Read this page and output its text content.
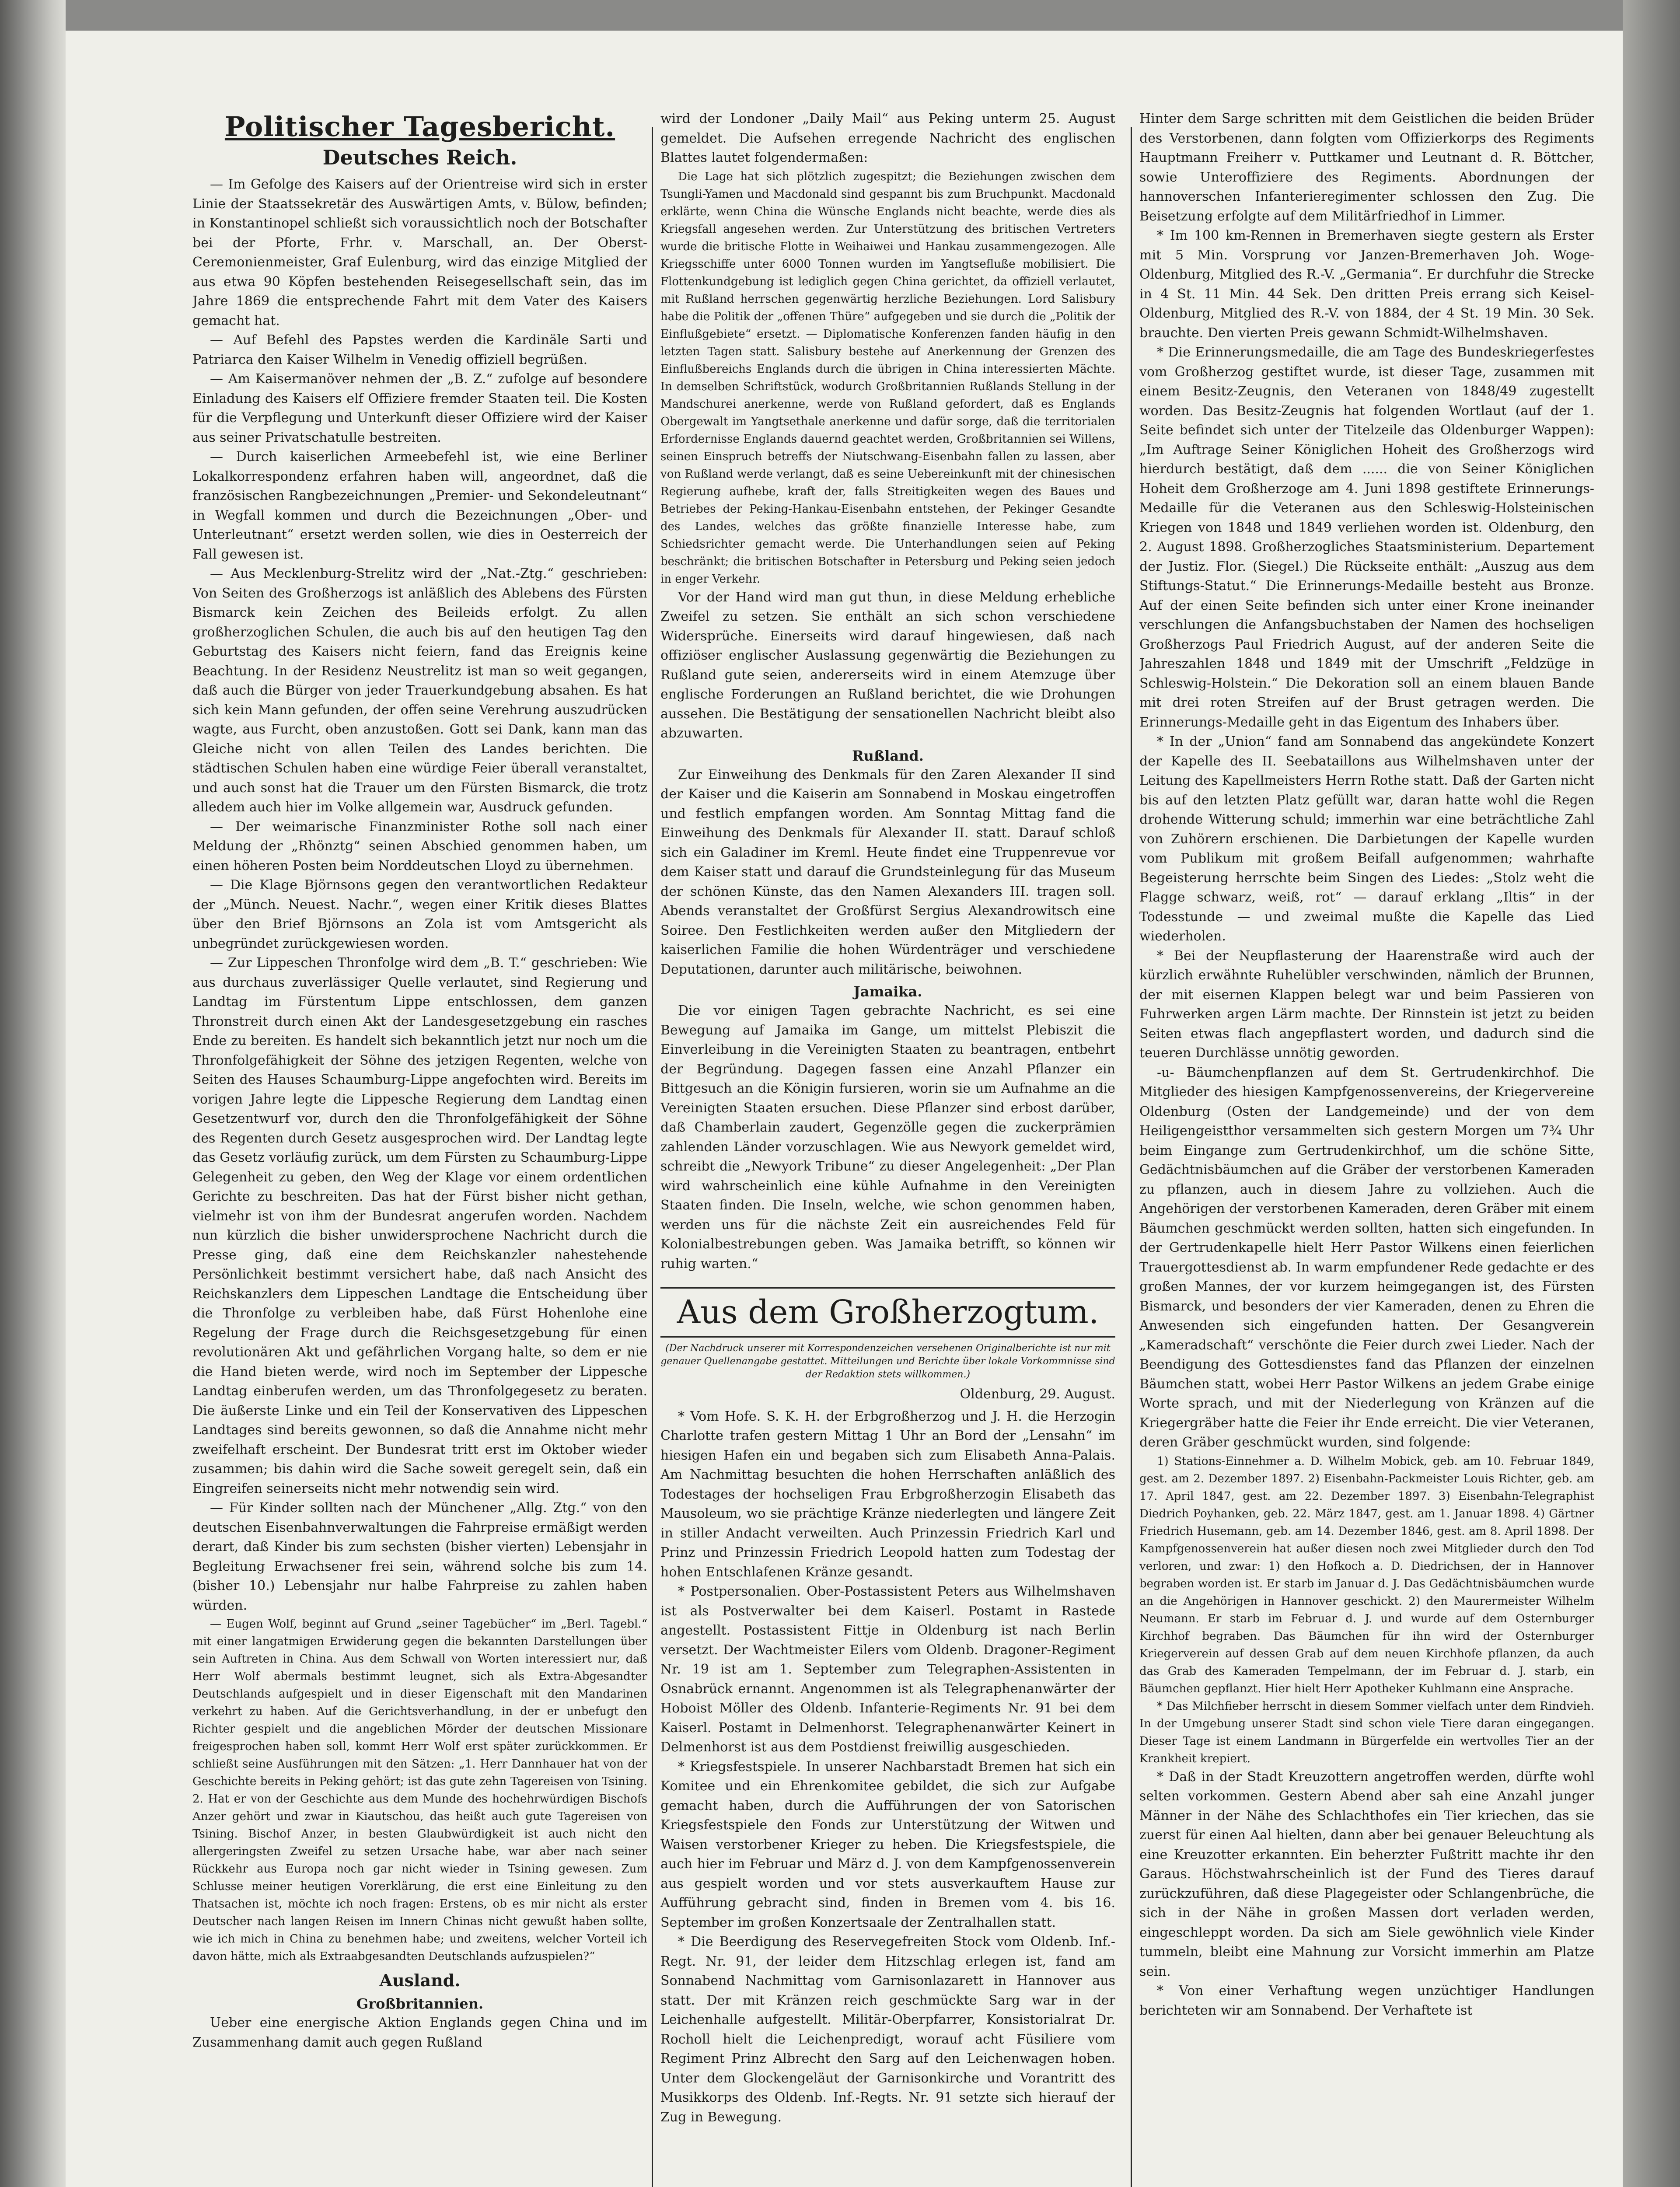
Politischer Tagesbericht.
Deutsches Reich.

— Im Gefolge des Kaisers auf der Orientreise wird sich in erster Linie der Staatssekretär des Auswärtigen Amts, v. Bülow, befinden; in Konstantinopel schließt sich voraussichtlich noch der Botschafter bei der Pforte, Frhr. v. Marschall, an. Der Oberst-Ceremonienmeister, Graf Eulenburg, wird das einzige Mitglied der aus etwa 90 Köpfen bestehenden Reisegesellschaft sein, das im Jahre 1869 die entsprechende Fahrt mit dem Vater des Kaisers gemacht hat.

— Auf Befehl des Papstes werden die Kardinäle Sarti und Patriarca den Kaiser Wilhelm in Venedig offiziell begrüßen.

— Am Kaisermanöver nehmen der „B. Z.“ zufolge auf besondere Einladung des Kaisers elf Offiziere fremder Staaten teil. Die Kosten für die Verpflegung und Unterkunft dieser Offiziere wird der Kaiser aus seiner Privatschatulle bestreiten.

— Durch kaiserlichen Armeebefehl ist, wie eine Berliner Lokalkorrespondenz erfahren haben will, angeordnet, daß die französischen Rangbezeichnungen „Premier- und Sekondeleutnant“ in Wegfall kommen und durch die Bezeichnungen „Ober- und Unterleutnant“ ersetzt werden sollen, wie dies in Oesterreich der Fall gewesen ist.

— Aus Mecklenburg-Strelitz wird der „Nat.-Ztg.“ geschrieben: Von Seiten des Großherzogs ist anläßlich des Ablebens des Fürsten Bismarck kein Zeichen des Beileids erfolgt. Zu allen großherzoglichen Schulen, die auch bis auf den heutigen Tag den Geburtstag des Kaisers nicht feiern, fand das Ereignis keine Beachtung. In der Residenz Neustrelitz ist man so weit gegangen, daß auch die Bürger von jeder Trauerkundgebung absahen. Es hat sich kein Mann gefunden, der offen seine Verehrung auszudrücken wagte, aus Furcht, oben anzustoßen. Gott sei Dank, kann man das Gleiche nicht von allen Teilen des Landes berichten. Die städtischen Schulen haben eine würdige Feier überall veranstaltet, und auch sonst hat die Trauer um den Fürsten Bismarck, die trotz alledem auch hier im Volke allgemein war, Ausdruck gefunden.

— Der weimarische Finanzminister Rothe soll nach einer Meldung der „Rhönztg“ seinen Abschied genommen haben, um einen höheren Posten beim Norddeutschen Lloyd zu übernehmen.

— Die Klage Björnsons gegen den verantwortlichen Redakteur der „Münch. Neuest. Nachr.“, wegen einer Kritik dieses Blattes über den Brief Björnsons an Zola ist vom Amtsgericht als unbegründet zurückgewiesen worden.

— Zur Lippeschen Thronfolge wird dem „B. T.“ geschrieben: Wie aus durchaus zuverlässiger Quelle verlautet, sind Regierung und Landtag im Fürstentum Lippe entschlossen, dem ganzen Thronstreit durch einen Akt der Landesgesetzgebung ein rasches Ende zu bereiten. Es handelt sich bekanntlich jetzt nur noch um die Thronfolgefähigkeit der Söhne des jetzigen Regenten, welche von Seiten des Hauses Schaumburg-Lippe angefochten wird. Bereits im vorigen Jahre legte die Lippesche Regierung dem Landtag einen Gesetzentwurf vor, durch den die Thronfolgefähigkeit der Söhne des Regenten durch Gesetz ausgesprochen wird. Der Landtag legte das Gesetz vorläufig zurück, um dem Fürsten zu Schaumburg-Lippe Gelegenheit zu geben, den Weg der Klage vor einem ordentlichen Gerichte zu beschreiten. Das hat der Fürst bisher nicht gethan, vielmehr ist von ihm der Bundesrat angerufen worden. Nachdem nun kürzlich die bisher unwidersprochene Nachricht durch die Presse ging, daß eine dem Reichskanzler nahestehende Persönlichkeit bestimmt versichert habe, daß nach Ansicht des Reichskanzlers dem Lippeschen Landtage die Entscheidung über die Thronfolge zu verbleiben habe, daß Fürst Hohenlohe eine Regelung der Frage durch die Reichsgesetzgebung für einen revolutionären Akt und gefährlichen Vorgang halte, so dem er nie die Hand bieten werde, wird noch im September der Lippesche Landtag einberufen werden, um das Thronfolgegesetz zu beraten. Die äußerste Linke und ein Teil der Konservativen des Lippeschen Landtages sind bereits gewonnen, so daß die Annahme nicht mehr zweifelhaft erscheint. Der Bundesrat tritt erst im Oktober wieder zusammen; bis dahin wird die Sache soweit geregelt sein, daß ein Eingreifen seinerseits nicht mehr notwendig sein wird.

— Für Kinder sollten nach der Münchener „Allg. Ztg.“ von den deutschen Eisenbahnverwaltungen die Fahrpreise ermäßigt werden derart, daß Kinder bis zum sechsten (bisher vierten) Lebensjahr in Begleitung Erwachsener frei sein, während solche bis zum 14. (bisher 10.) Lebensjahr nur halbe Fahrpreise zu zahlen haben würden.

— Eugen Wolf, beginnt auf Grund „seiner Tagebücher“ im „Berl. Tagebl.“ mit einer langatmigen Erwiderung gegen die bekannten Darstellungen über sein Auftreten in China. Aus dem Schwall von Worten interessiert nur, daß Herr Wolf abermals bestimmt leugnet, sich als Extra-Abgesandter Deutschlands aufgespielt und in dieser Eigenschaft mit den Mandarinen verkehrt zu haben. Auf die Gerichtsverhandlung, in der er unbefugt den Richter gespielt und die angeblichen Mörder der deutschen Missionare freigesprochen haben soll, kommt Herr Wolf erst später zurückkommen. Er schließt seine Ausführungen mit den Sätzen: „1. Herr Dannhauer hat von der Geschichte bereits in Peking gehört; ist das gute zehn Tagereisen von Tsining. 2. Hat er von der Geschichte aus dem Munde des hochehrwürdigen Bischofs Anzer gehört und zwar in Kiautschou, das heißt auch gute Tagereisen von Tsining. Bischof Anzer, in besten Glaubwürdigkeit ist auch nicht den allergeringsten Zweifel zu setzen Ursache habe, war aber nach seiner Rückkehr aus Europa noch gar nicht wieder in Tsining gewesen. Zum Schlusse meiner heutigen Vorerklärung, die erst eine Einleitung zu den Thatsachen ist, möchte ich noch fragen: Erstens, ob es mir nicht als erster Deutscher nach langen Reisen im Innern Chinas nicht gewußt haben sollte, wie ich mich in China zu benehmen habe; und zweitens, welcher Vorteil ich davon hätte, mich als Extraabgesandten Deutschlands aufzuspielen?“

Ausland.
Großbritannien.

Ueber eine energische Aktion Englands gegen China und im Zusammenhang damit auch gegen Rußland

wird der Londoner „Daily Mail“ aus Peking unterm 25. August gemeldet. Die Aufsehen erregende Nachricht des englischen Blattes lautet folgendermaßen:

Die Lage hat sich plötzlich zugespitzt; die Beziehungen zwischen dem Tsungli-Yamen und Macdonald sind gespannt bis zum Bruchpunkt. Macdonald erklärte, wenn China die Wünsche Englands nicht beachte, werde dies als Kriegsfall angesehen werden. Zur Unterstützung des britischen Vertreters wurde die britische Flotte in Weihaiwei und Hankau zusammengezogen. Alle Kriegsschiffe unter 6000 Tonnen wurden im Yangtsefluße mobilisiert. Die Flottenkundgebung ist lediglich gegen China gerichtet, da offiziell verlautet, mit Rußland herrschen gegenwärtig herzliche Beziehungen. Lord Salisbury habe die Politik der „offenen Thüre“ aufgegeben und sie durch die „Politik der Einflußgebiete“ ersetzt. — Diplomatische Konferenzen fanden häufig in den letzten Tagen statt. Salisbury bestehe auf Anerkennung der Grenzen des Einflußbereichs Englands durch die übrigen in China interessierten Mächte. In demselben Schriftstück, wodurch Großbritannien Rußlands Stellung in der Mandschurei anerkenne, werde von Rußland gefordert, daß es Englands Obergewalt im Yangtsethale anerkenne und dafür sorge, daß die territorialen Erfordernisse Englands dauernd geachtet werden, Großbritannien sei Willens, seinen Einspruch betreffs der Niutschwang-Eisenbahn fallen zu lassen, aber von Rußland werde verlangt, daß es seine Uebereinkunft mit der chinesischen Regierung aufhebe, kraft der, falls Streitigkeiten wegen des Baues und Betriebes der Peking-Hankau-Eisenbahn entstehen, der Pekinger Gesandte des Landes, welches das größte finanzielle Interesse habe, zum Schiedsrichter gemacht werde. Die Unterhandlungen seien auf Peking beschränkt; die britischen Botschafter in Petersburg und Peking seien jedoch in enger Verkehr.

Vor der Hand wird man gut thun, in diese Meldung erhebliche Zweifel zu setzen. Sie enthält an sich schon verschiedene Widersprüche. Einerseits wird darauf hingewiesen, daß nach offiziöser englischer Auslassung gegenwärtig die Beziehungen zu Rußland gute seien, andererseits wird in einem Atemzuge über englische Forderungen an Rußland berichtet, die wie Drohungen aussehen. Die Bestätigung der sensationellen Nachricht bleibt also abzuwarten.

Rußland.

Zur Einweihung des Denkmals für den Zaren Alexander II sind der Kaiser und die Kaiserin am Sonnabend in Moskau eingetroffen und festlich empfangen worden. Am Sonntag Mittag fand die Einweihung des Denkmals für Alexander II. statt. Darauf schloß sich ein Galadiner im Kreml. Heute findet eine Truppenrevue vor dem Kaiser statt und darauf die Grundsteinlegung für das Museum der schönen Künste, das den Namen Alexanders III. tragen soll. Abends veranstaltet der Großfürst Sergius Alexandrowitsch eine Soiree. Den Festlichkeiten werden außer den Mitgliedern der kaiserlichen Familie die hohen Würdenträger und verschiedene Deputationen, darunter auch militärische, beiwohnen.

Jamaika.

Die vor einigen Tagen gebrachte Nachricht, es sei eine Bewegung auf Jamaika im Gange, um mittelst Plebiszit die Einverleibung in die Vereinigten Staaten zu beantragen, entbehrt der Begründung. Dagegen fassen eine Anzahl Pflanzer ein Bittgesuch an die Königin fursieren, worin sie um Aufnahme an die Vereinigten Staaten ersuchen. Diese Pflanzer sind erbost darüber, daß Chamberlain zaudert, Gegenzölle gegen die zuckerprämien zahlenden Länder vorzuschlagen. Wie aus Newyork gemeldet wird, schreibt die „Newyork Tribune“ zu dieser Angelegenheit: „Der Plan wird wahrscheinlich eine kühle Aufnahme in den Vereinigten Staaten finden. Die Inseln, welche, wie schon genommen haben, werden uns für die nächste Zeit ein ausreichendes Feld für Kolonialbestrebungen geben. Was Jamaika betrifft, so können wir ruhig warten.“

Aus dem Großherzogtum.

(Der Nachdruck unserer mit Korrespondenzeichen versehenen Originalberichte ist nur mit genauer Quellenangabe gestattet. Mitteilungen und Berichte über lokale Vorkommnisse sind der Redaktion stets willkommen.)

Oldenburg, 29. August.

* Vom Hofe. S. K. H. der Erbgroßherzog und J. H. die Herzogin Charlotte trafen gestern Mittag 1 Uhr an Bord der „Lensahn“ im hiesigen Hafen ein und begaben sich zum Elisabeth Anna-Palais. Am Nachmittag besuchten die hohen Herrschaften anläßlich des Todestages der hochseligen Frau Erbgroßherzogin Elisabeth das Mausoleum, wo sie prächtige Kränze niederlegten und längere Zeit in stiller Andacht verweilten. Auch Prinzessin Friedrich Karl und Prinz und Prinzessin Friedrich Leopold hatten zum Todestag der hohen Entschlafenen Kränze gesandt.

* Postpersonalien. Ober-Postassistent Peters aus Wilhelmshaven ist als Postverwalter bei dem Kaiserl. Postamt in Rastede angestellt. Postassistent Fittje in Oldenburg ist nach Berlin versetzt. Der Wachtmeister Eilers vom Oldenb. Dragoner-Regiment Nr. 19 ist am 1. September zum Telegraphen-Assistenten in Osnabrück ernannt. Angenommen ist als Telegraphenanwärter der Hoboist Möller des Oldenb. Infanterie-Regiments Nr. 91 bei dem Kaiserl. Postamt in Delmenhorst. Telegraphenanwärter Keinert in Delmenhorst ist aus dem Postdienst freiwillig ausgeschieden.

* Kriegsfestspiele. In unserer Nachbarstadt Bremen hat sich ein Komitee und ein Ehrenkomitee gebildet, die sich zur Aufgabe gemacht haben, durch die Aufführungen der von Satorischen Kriegsfestspiele den Fonds zur Unterstützung der Witwen und Waisen verstorbener Krieger zu heben. Die Kriegsfestspiele, die auch hier im Februar und März d. J. von dem Kampfgenossenverein aus gespielt worden und vor stets ausverkauftem Hause zur Aufführung gebracht sind, finden in Bremen vom 4. bis 16. September im großen Konzertsaale der Zentralhallen statt.

* Die Beerdigung des Reservegefreiten Stock vom Oldenb. Inf.-Regt. Nr. 91, der leider dem Hitzschlag erlegen ist, fand am Sonnabend Nachmittag vom Garnisonlazarett in Hannover aus statt. Der mit Kränzen reich geschmückte Sarg war in der Leichenhalle aufgestellt. Militär-Oberpfarrer, Konsistorialrat Dr. Rocholl hielt die Leichenpredigt, worauf acht Füsiliere vom Regiment Prinz Albrecht den Sarg auf den Leichenwagen hoben. Unter dem Glockengeläut der Garnisonkirche und Vorantritt des Musikkorps des Oldenb. Inf.-Regts. Nr. 91 setzte sich hierauf der Zug in Bewegung.

Hinter dem Sarge schritten mit dem Geistlichen die beiden Brüder des Verstorbenen, dann folgten vom Offizierkorps des Regiments Hauptmann Freiherr v. Puttkamer und Leutnant d. R. Böttcher, sowie Unteroffiziere des Regiments. Abordnungen der hannoverschen Infanterieregimenter schlossen den Zug. Die Beisetzung erfolgte auf dem Militärfriedhof in Limmer.

* Im 100 km-Rennen in Bremerhaven siegte gestern als Erster mit 5 Min. Vorsprung vor Janzen-Bremerhaven Joh. Woge-Oldenburg, Mitglied des R.-V. „Germania“. Er durchfuhr die Strecke in 4 St. 11 Min. 44 Sek. Den dritten Preis errang sich Keisel-Oldenburg, Mitglied des R.-V. von 1884, der 4 St. 19 Min. 30 Sek. brauchte. Den vierten Preis gewann Schmidt-Wilhelmshaven.

* Die Erinnerungsmedaille, die am Tage des Bundeskriegerfestes vom Großherzog gestiftet wurde, ist dieser Tage, zusammen mit einem Besitz-Zeugnis, den Veteranen von 1848/49 zugestellt worden. Das Besitz-Zeugnis hat folgenden Wortlaut (auf der 1. Seite befindet sich unter der Titelzeile das Oldenburger Wappen): „Im Auftrage Seiner Königlichen Hoheit des Großherzogs wird hierdurch bestätigt, daß dem ...... die von Seiner Königlichen Hoheit dem Großherzoge am 4. Juni 1898 gestiftete Erinnerungs-Medaille für die Veteranen aus den Schleswig-Holsteinischen Kriegen von 1848 und 1849 verliehen worden ist. Oldenburg, den 2. August 1898. Großherzogliches Staatsministerium. Departement der Justiz. Flor. (Siegel.) Die Rückseite enthält: „Auszug aus dem Stiftungs-Statut.“ Die Erinnerungs-Medaille besteht aus Bronze. Auf der einen Seite befinden sich unter einer Krone ineinander verschlungen die Anfangsbuchstaben der Namen des hochseligen Großherzogs Paul Friedrich August, auf der anderen Seite die Jahreszahlen 1848 und 1849 mit der Umschrift „Feldzüge in Schleswig-Holstein.“ Die Dekoration soll an einem blauen Bande mit drei roten Streifen auf der Brust getragen werden. Die Erinnerungs-Medaille geht in das Eigentum des Inhabers über.

* In der „Union“ fand am Sonnabend das angekündete Konzert der Kapelle des II. Seebataillons aus Wilhelmshaven unter der Leitung des Kapellmeisters Herrn Rothe statt. Daß der Garten nicht bis auf den letzten Platz gefüllt war, daran hatte wohl die Regen drohende Witterung schuld; immerhin war eine beträchtliche Zahl von Zuhörern erschienen. Die Darbietungen der Kapelle wurden vom Publikum mit großem Beifall aufgenommen; wahrhafte Begeisterung herrschte beim Singen des Liedes: „Stolz weht die Flagge schwarz, weiß, rot“ — darauf erklang „Iltis“ in der Todesstunde — und zweimal mußte die Kapelle das Lied wiederholen.

* Bei der Neupflasterung der Haarenstraße wird auch der kürzlich erwähnte Ruhelübler verschwinden, nämlich der Brunnen, der mit eisernen Klappen belegt war und beim Passieren von Fuhrwerken argen Lärm machte. Der Rinnstein ist jetzt zu beiden Seiten etwas flach angepflastert worden, und dadurch sind die teueren Durchlässe unnötig geworden.

-u- Bäumchenpflanzen auf dem St. Gertrudenkirchhof. Die Mitglieder des hiesigen Kampfgenossenvereins, der Kriegervereine Oldenburg (Osten der Landgemeinde) und der von dem Heiligengeistthor versammelten sich gestern Morgen um 7¾ Uhr beim Eingange zum Gertrudenkirchhof, um die schöne Sitte, Gedächtnisbäumchen auf die Gräber der verstorbenen Kameraden zu pflanzen, auch in diesem Jahre zu vollziehen. Auch die Angehörigen der verstorbenen Kameraden, deren Gräber mit einem Bäumchen geschmückt werden sollten, hatten sich eingefunden. In der Gertrudenkapelle hielt Herr Pastor Wilkens einen feierlichen Trauergottesdienst ab. In warm empfundener Rede gedachte er des großen Mannes, der vor kurzem heimgegangen ist, des Fürsten Bismarck, und besonders der vier Kameraden, denen zu Ehren die Anwesenden sich eingefunden hatten. Der Gesangverein „Kameradschaft“ verschönte die Feier durch zwei Lieder. Nach der Beendigung des Gottesdienstes fand das Pflanzen der einzelnen Bäumchen statt, wobei Herr Pastor Wilkens an jedem Grabe einige Worte sprach, und mit der Niederlegung von Kränzen auf die Kriegergräber hatte die Feier ihr Ende erreicht. Die vier Veteranen, deren Gräber geschmückt wurden, sind folgende:

1) Stations-Einnehmer a. D. Wilhelm Mobick, geb. am 10. Februar 1849, gest. am 2. Dezember 1897. 2) Eisenbahn-Packmeister Louis Richter, geb. am 17. April 1847, gest. am 22. Dezember 1897. 3) Eisenbahn-Telegraphist Diedrich Poyhanken, geb. 22. März 1847, gest. am 1. Januar 1898. 4) Gärtner Friedrich Husemann, geb. am 14. Dezember 1846, gest. am 8. April 1898. Der Kampfgenossenverein hat außer diesen noch zwei Mitglieder durch den Tod verloren, und zwar: 1) den Hofkoch a. D. Diedrichsen, der in Hannover begraben worden ist. Er starb im Januar d. J. Das Gedächtnisbäumchen wurde an die Angehörigen in Hannover geschickt. 2) den Maurermeister Wilhelm Neumann. Er starb im Februar d. J. und wurde auf dem Osternburger Kirchhof begraben. Das Bäumchen für ihn wird der Osternburger Kriegerverein auf dessen Grab auf dem neuen Kirchhofe pflanzen, da auch das Grab des Kameraden Tempelmann, der im Februar d. J. starb, ein Bäumchen gepflanzt. Hier hielt Herr Apotheker Kuhlmann eine Ansprache.

* Das Milchfieber herrscht in diesem Sommer vielfach unter dem Rindvieh. In der Umgebung unserer Stadt sind schon viele Tiere daran eingegangen. Dieser Tage ist einem Landmann in Bürgerfelde ein wertvolles Tier an der Krankheit krepiert.

* Daß in der Stadt Kreuzottern angetroffen werden, dürfte wohl selten vorkommen. Gestern Abend aber sah eine Anzahl junger Männer in der Nähe des Schlachthofes ein Tier kriechen, das sie zuerst für einen Aal hielten, dann aber bei genauer Beleuchtung als eine Kreuzotter erkannten. Ein beherzter Fußtritt machte ihr den Garaus. Höchstwahrscheinlich ist der Fund des Tieres darauf zurückzuführen, daß diese Plagegeister oder Schlangenbrüche, die sich in der Nähe in großen Massen dort verladen werden, eingeschleppt worden. Da sich am Siele gewöhnlich viele Kinder tummeln, bleibt eine Mahnung zur Vorsicht immerhin am Platze sein.

* Von einer Verhaftung wegen unzüchtiger Handlungen berichteten wir am Sonnabend. Der Verhaftete ist
